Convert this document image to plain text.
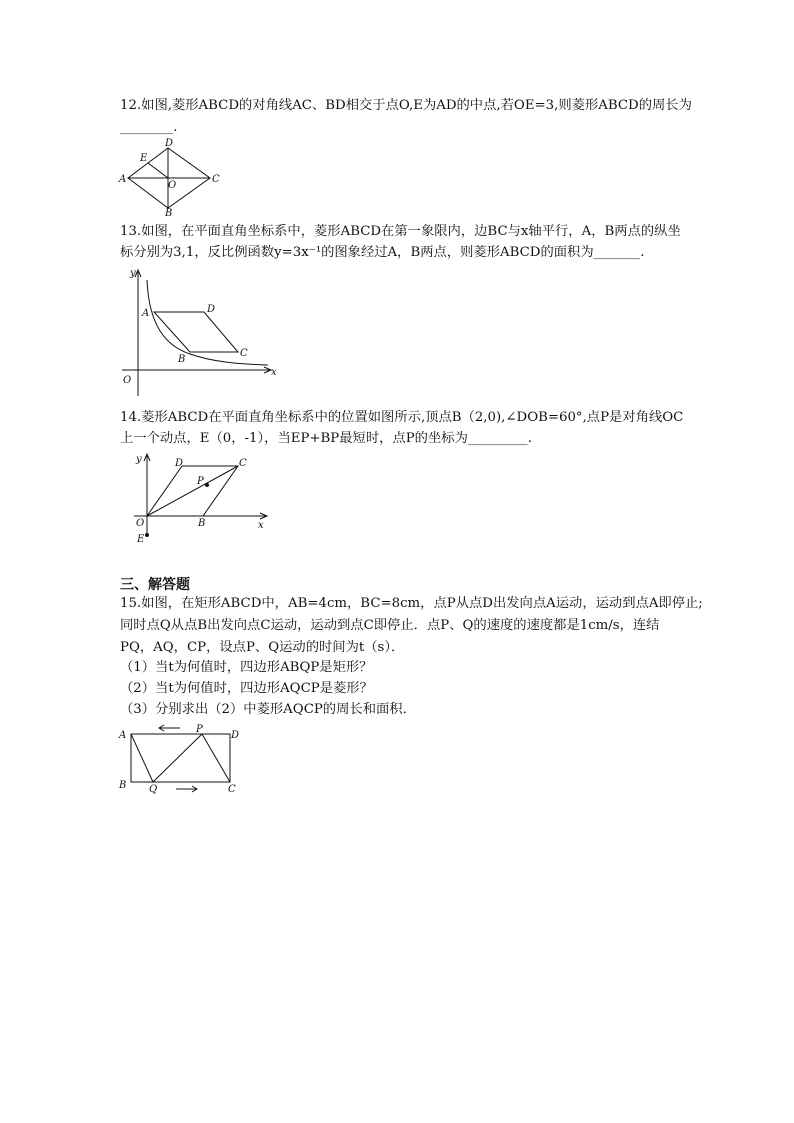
12.如图,菱形ABCD的对角线AC、BD相交于点O,E为AD的中点,若OE=3,则菱形ABCD的周长为
________.
A
D
C
B
E
O
13.如图，在平面直角坐标系中，菱形ABCD在第一象限内，边BC与x轴平行，A，B两点的纵坐
标分别为3,1，反比例函数y=3x⁻¹的图象经过A，B两点，则菱形ABCD的面积为_______.
y
x
O
A	D
B
C
14.菱形ABCD在平面直角坐标系中的位置如图所示,顶点B（2,0),∠DOB=60°,点P是对角线OC
上一个动点，E（0，-1），当EP+BP最短时，点P的坐标为_________.
y
x
O	B
C
D
P
E
三、解答题
15.如图，在矩形ABCD中，AB=4cm，BC=8cm，点P从点D出发向点A运动，运动到点A即停止;
同时点Q从点B出发向点C运动，运动到点C即停止．点P、Q的速度的速度都是1cm/s，连结
PQ，AQ，CP，设点P、Q运动的时间为t（s）．
（1）当t为何值时，四边形ABQP是矩形？
（2）当t为何值时，四边形AQCP是菱形？
（3）分别求出（2）中菱形AQCP的周长和面积．
A	D
B	C
P
Q
